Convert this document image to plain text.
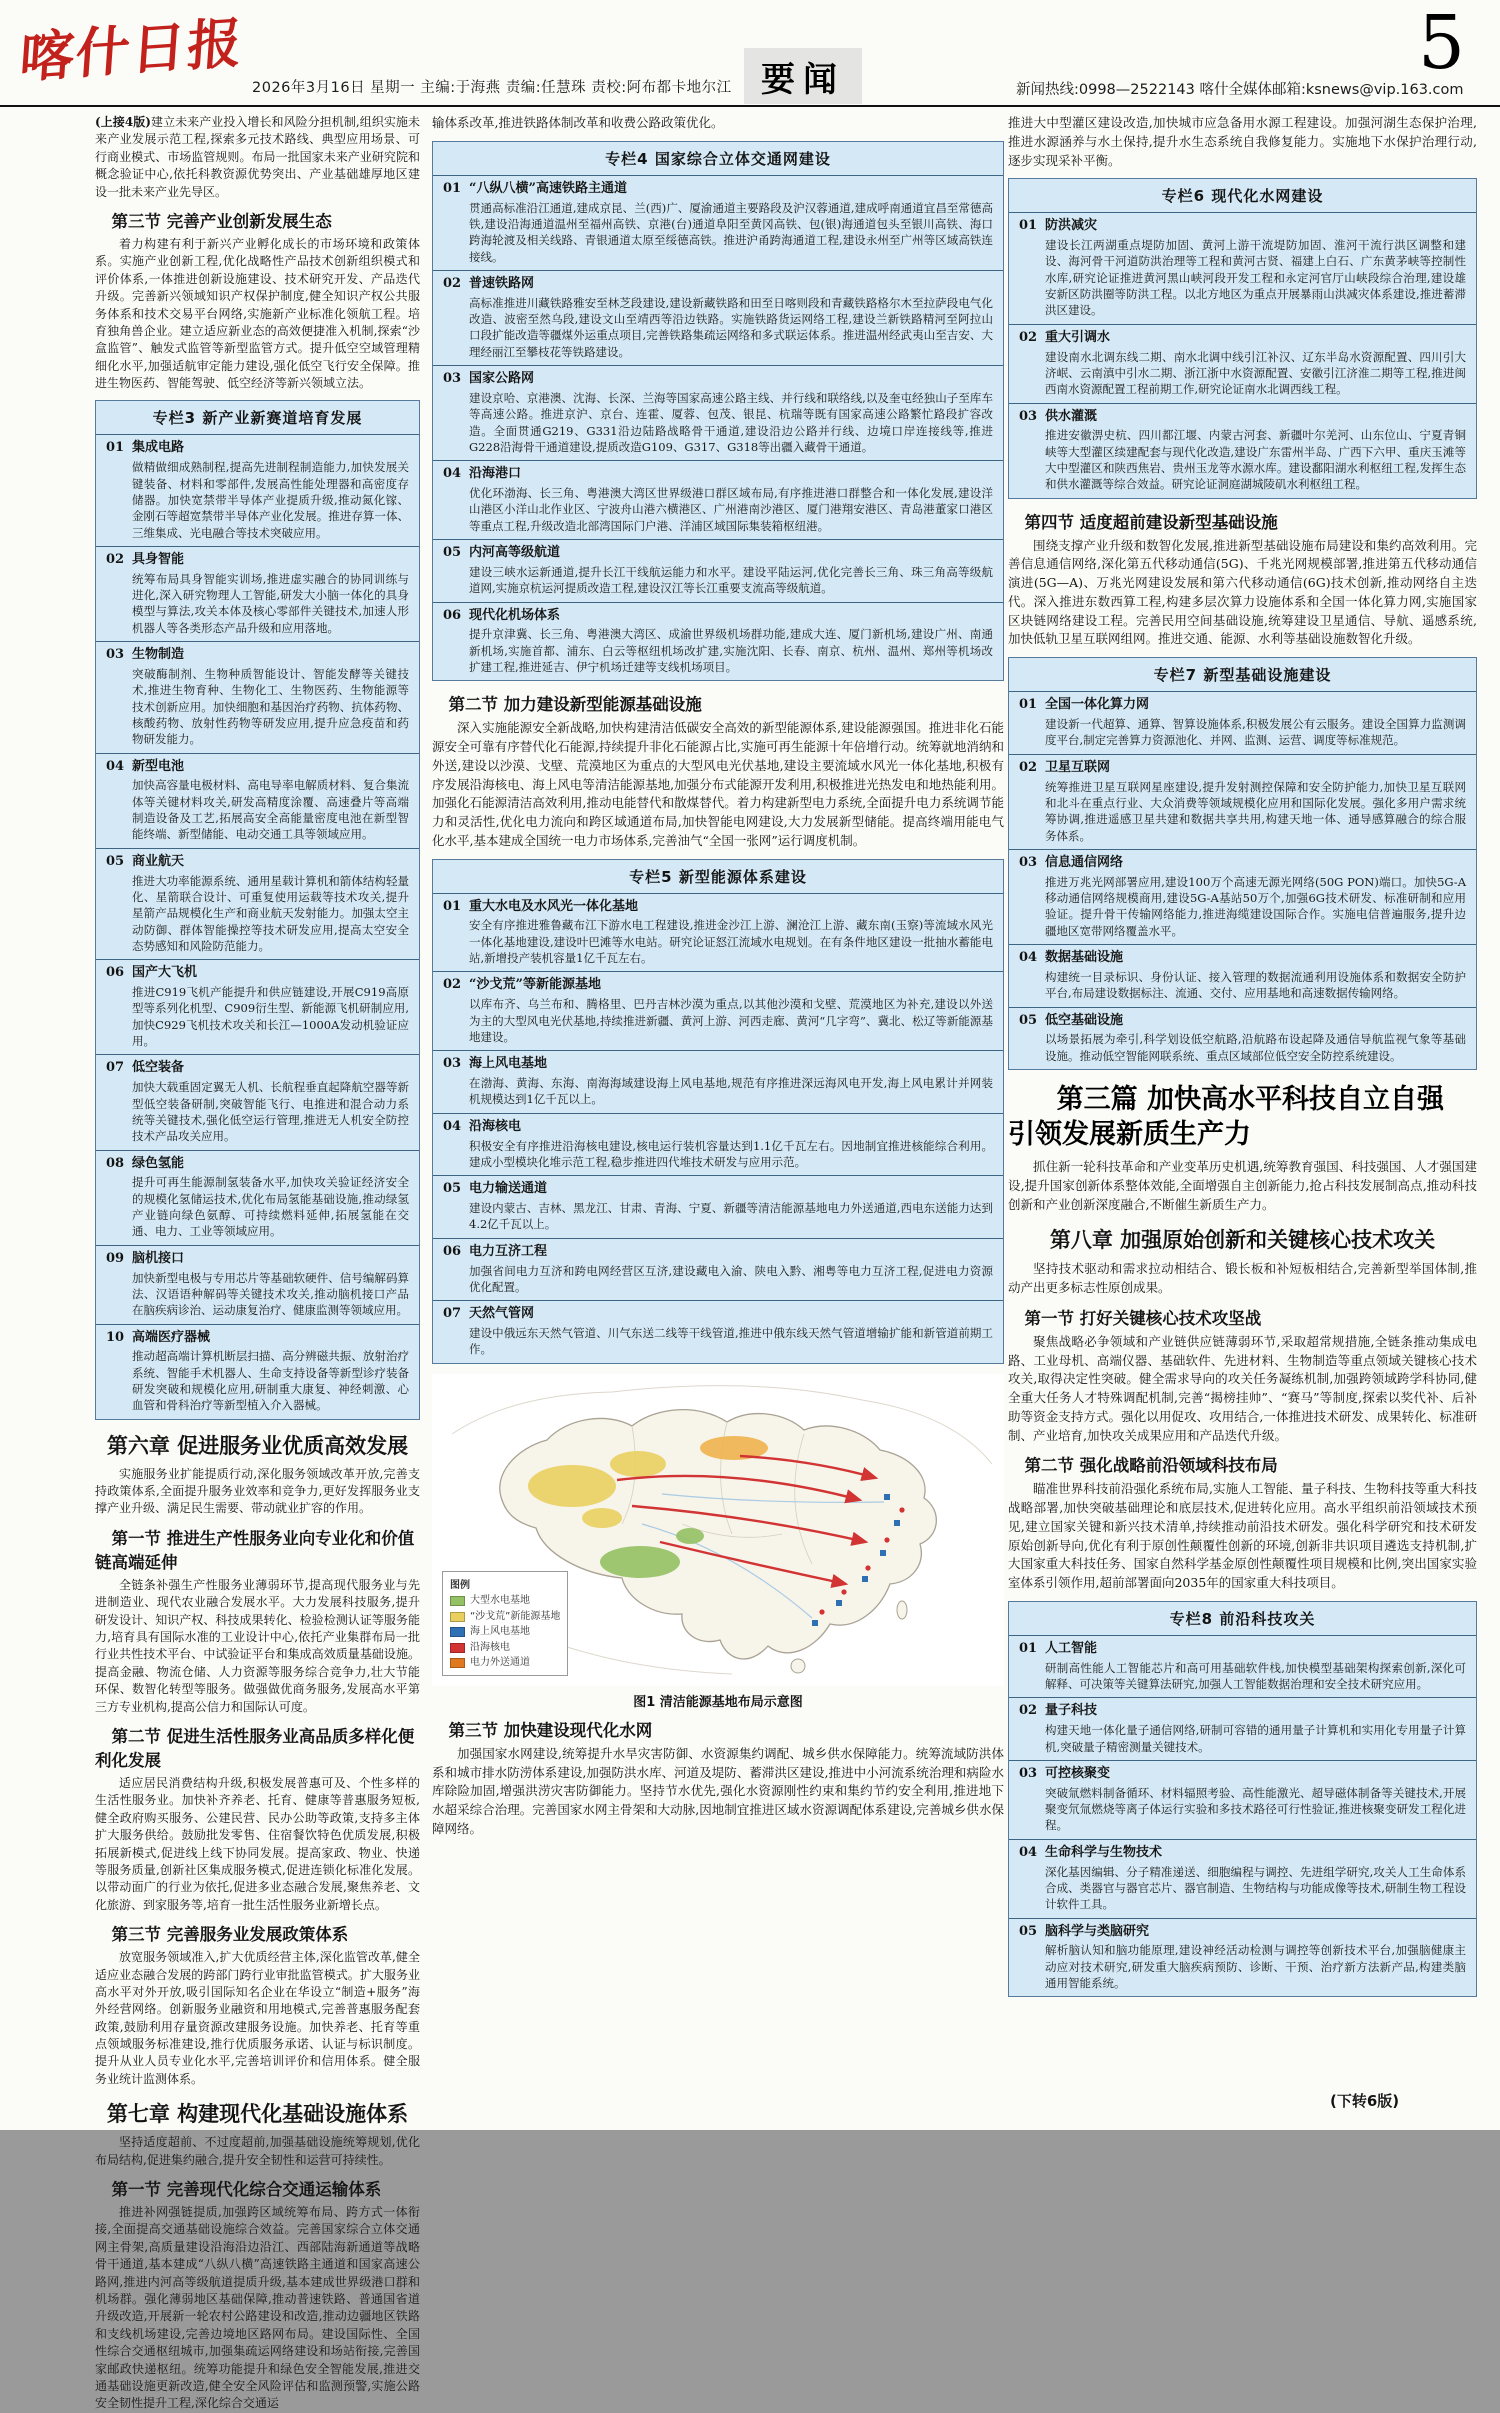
喀什日报 2026年3月16日 星期一 主编:于海燕 责编:任慧珠 责校:阿布都卡地尔江 要闻	新闻热线:0998—2522143 喀什全媒体邮箱:ksnews@vip.163.com
5

(上接4版)建立未来产业投入增长和风险分担机制,组织实施未来产业发展示范工程,探索多元技术路线、典型应用场景、可行商业模式、市场监管规则。布局一批国家未来产业研究院和概念验证中心,依托科教资源优势突出、产业基础雄厚地区建设一批未来产业先导区。

第三节 完善产业创新发展生态

着力构建有利于新兴产业孵化成长的市场环境和政策体系。实施产业创新工程,优化战略性产品技术创新组织模式和评价体系,一体推进创新设施建设、技术研究开发、产品迭代升级。完善新兴领域知识产权保护制度,健全知识产权公共服务体系和技术交易平台网络,实施新产业标准化领航工程。培育独角兽企业。建立适应新业态的高效便捷准入机制,探索“沙盒监管”、触发式监管等新型监管方式。提升低空空域管理精细化水平,加强适航审定能力建设,强化低空飞行安全保障。推进生物医药、智能驾驶、低空经济等新兴领域立法。

专栏3 新产业新赛道培育发展
01 集成电路
做精做细成熟制程,提高先进制程制造能力,加快发展关键装备、材料和零部件,发展高性能处理器和高密度存储器。加快宽禁带半导体产业提质升级,推动氮化镓、金刚石等超宽禁带半导体产业化发展。推进存算一体、三维集成、光电融合等技术突破应用。
02 具身智能
统筹布局具身智能实训场,推进虚实融合的协同训练与进化,深入研究物理人工智能,研发大小脑一体化的具身模型与算法,攻关本体及核心零部件关键技术,加速人形机器人等各类形态产品升级和应用落地。
03 生物制造
突破酶制剂、生物种质智能设计、智能发酵等关键技术,推进生物育种、生物化工、生物医药、生物能源等技术创新应用。加快细胞和基因治疗药物、抗体药物、核酸药物、放射性药物等研发应用,提升应急疫苗和药物研发能力。
04 新型电池
加快高容量电极材料、高电导率电解质材料、复合集流体等关键材料攻关,研发高精度涂覆、高速叠片等高端制造设备及工艺,拓展高安全高能量密度电池在新型智能终端、新型储能、电动交通工具等领域应用。
05 商业航天
推进大功率能源系统、通用星载计算机和箭体结构轻量化、星箭联合设计、可重复使用运载等技术攻关,提升星箭产品规模化生产和商业航天发射能力。加强太空主动防御、群体智能操控等技术研发应用,提高太空安全态势感知和风险防范能力。
06 国产大飞机
推进C919飞机产能提升和供应链建设,开展C919高原型等系列化机型、C909衍生型、新能源飞机研制应用,加快C929飞机技术攻关和长江—1000A发动机验证应用。
07 低空装备
加快大载重固定翼无人机、长航程垂直起降航空器等新型低空装备研制,突破智能飞行、电推进和混合动力系统等关键技术,强化低空运行管理,推进无人机安全防控技术产品攻关应用。
08 绿色氢能
提升可再生能源制氢装备水平,加快攻关验证经济安全的规模化氢储运技术,优化布局氢能基础设施,推动绿氢产业链向绿色氨醇、可持续燃料延伸,拓展氢能在交通、电力、工业等领域应用。
09 脑机接口
加快新型电极与专用芯片等基础软硬件、信号编解码算法、汉语语种解码等关键技术攻关,推动脑机接口产品在脑疾病诊治、运动康复治疗、健康监测等领域应用。
10 高端医疗器械
推动超高端计算机断层扫描、高分辨磁共振、放射治疗系统、智能手术机器人、生命支持设备等新型诊疗装备研发突破和规模化应用,研制重大康复、神经刺激、心血管和骨科治疗等新型植入介入器械。
第六章 促进服务业优质高效发展

实施服务业扩能提质行动,深化服务领域改革开放,完善支持政策体系,全面提升服务业效率和竞争力,更好发挥服务业支撑产业升级、满足民生需要、带动就业扩容的作用。

第一节 推进生产性服务业向专业化和价值链高端延伸

全链条补强生产性服务业薄弱环节,提高现代服务业与先进制造业、现代农业融合发展水平。大力发展科技服务,提升研发设计、知识产权、科技成果转化、检验检测认证等服务能力,培育具有国际水准的工业设计中心,依托产业集群布局一批行业共性技术平台、中试验证平台和集成高效质量基础设施。提高金融、物流仓储、人力资源等服务综合竞争力,壮大节能环保、数智化转型等服务。做强做优商务服务,发展高水平第三方专业机构,提高公信力和国际认可度。

第二节 促进生活性服务业高品质多样化便利化发展

适应居民消费结构升级,积极发展普惠可及、个性多样的生活性服务业。加快补齐养老、托育、健康等普惠服务短板,健全政府购买服务、公建民营、民办公助等政策,支持多主体扩大服务供给。鼓励批发零售、住宿餐饮特色优质发展,积极拓展新模式,促进线上线下协同发展。提高家政、物业、快递等服务质量,创新社区集成服务模式,促进连锁化标准化发展。以带动面广的行业为依托,促进多业态融合发展,聚焦养老、文化旅游、到家服务等,培育一批生活性服务业新增长点。

第三节 完善服务业发展政策体系

放宽服务领域准入,扩大优质经营主体,深化监管改革,健全适应业态融合发展的跨部门跨行业审批监管模式。扩大服务业高水平对外开放,吸引国际知名企业在华设立“制造+服务”海外经营网络。创新服务业融资和用地模式,完善普惠服务配套政策,鼓励利用存量资源改建服务设施。加快养老、托育等重点领域服务标准建设,推行优质服务承诺、认证与标识制度。提升从业人员专业化水平,完善培训评价和信用体系。健全服务业统计监测体系。

第七章 构建现代化基础设施体系

坚持适度超前、不过度超前,加强基础设施统筹规划,优化布局结构,促进集约融合,提升安全韧性和运营可持续性。

第一节 完善现代化综合交通运输体系

推进补网强链提质,加强跨区域统筹布局、跨方式一体衔接,全面提高交通基础设施综合效益。完善国家综合立体交通网主骨架,高质量建设沿海沿边沿江、西部陆海新通道等战略骨干通道,基本建成“八纵八横”高速铁路主通道和国家高速公路网,推进内河高等级航道提质升级,基本建成世界级港口群和机场群。强化薄弱地区基础保障,推动普速铁路、普通国省道升级改造,开展新一轮农村公路建设和改造,推动边疆地区铁路和支线机场建设,完善边境地区路网布局。建设国际性、全国性综合交通枢纽城市,加强集疏运网络建设和场站衔接,完善国家邮政快递枢纽。统筹功能提升和绿色安全智能发展,推进交通基础设施更新改造,健全安全风险评估和监测预警,实施公路安全韧性提升工程,深化综合交通运

输体系改革,推进铁路体制改革和收费公路政策优化。

专栏4 国家综合立体交通网建设
01 “八纵八横”高速铁路主通道
贯通高标准沿江通道,建成京昆、兰(西)广、厦渝通道主要路段及沪汉蓉通道,建成呼南通道宜昌至常德高铁,建设沿海通道温州至福州高铁、京港(台)通道阜阳至黄冈高铁、包(银)海通道包头至银川高铁、海口跨海轮渡及相关线路、青银通道太原至绥德高铁。推进沪甬跨海通道工程,建设永州至广州等区域高铁连接线。
02 普速铁路网
高标准推进川藏铁路雅安至林芝段建设,建设新藏铁路和田至日喀则段和青藏铁路格尔木至拉萨段电气化改造、波密至然乌段,建设文山至靖西等沿边铁路。实施铁路货运网络工程,建设兰新铁路精河至阿拉山口段扩能改造等疆煤外运重点项目,完善铁路集疏运网络和多式联运体系。推进温州经武夷山至吉安、大理经丽江至攀枝花等铁路建设。
03 国家公路网
建设京哈、京港澳、沈海、长深、兰海等国家高速公路主线、并行线和联络线,以及奎屯经独山子至库车等高速公路。推进京沪、京台、连霍、厦蓉、包茂、银昆、杭瑞等既有国家高速公路繁忙路段扩容改造。全面贯通G219、G331沿边陆路战略骨干通道,建设沿边公路并行线、边境口岸连接线等,推进G228沿海骨干通道建设,提质改造G109、G317、G318等出疆入藏骨干通道。
04 沿海港口
优化环渤海、长三角、粤港澳大湾区世界级港口群区域布局,有序推进港口群整合和一体化发展,建设洋山港区小洋山北作业区、宁波舟山港六横港区、广州港南沙港区、厦门港翔安港区、青岛港董家口港区等重点工程,升级改造北部湾国际门户港、洋浦区域国际集装箱枢纽港。
05 内河高等级航道
建设三峡水运新通道,提升长江干线航运能力和水平。建设平陆运河,优化完善长三角、珠三角高等级航道网,实施京杭运河提质改造工程,建设汉江等长江重要支流高等级航道。
06 现代化机场体系
提升京津冀、长三角、粤港澳大湾区、成渝世界级机场群功能,建成大连、厦门新机场,建设广州、南通新机场,实施首都、浦东、白云等枢纽机场改扩建,实施沈阳、长春、南京、杭州、温州、郑州等机场改扩建工程,推进延吉、伊宁机场迁建等支线机场项目。
第二节 加力建设新型能源基础设施

深入实施能源安全新战略,加快构建清洁低碳安全高效的新型能源体系,建设能源强国。推进非化石能源安全可靠有序替代化石能源,持续提升非化石能源占比,实施可再生能源十年倍增行动。统筹就地消纳和外送,建设以沙漠、戈壁、荒漠地区为重点的大型风电光伏基地,建设主要流域水风光一体化基地,积极有序发展沿海核电、海上风电等清洁能源基地,加强分布式能源开发利用,积极推进光热发电和地热能利用。加强化石能源清洁高效利用,推动电能替代和散煤替代。着力构建新型电力系统,全面提升电力系统调节能力和灵活性,优化电力流向和跨区域通道布局,加快智能电网建设,大力发展新型储能。提高终端用能电气化水平,基本建成全国统一电力市场体系,完善油气“全国一张网”运行调度机制。

专栏5 新型能源体系建设
01 重大水电及水风光一体化基地
安全有序推进雅鲁藏布江下游水电工程建设,推进金沙江上游、澜沧江上游、藏东南(玉察)等流域水风光一体化基地建设,建设叶巴滩等水电站。研究论证怒江流域水电规划。在有条件地区建设一批抽水蓄能电站,新增投产装机容量1亿千瓦左右。
02 “沙戈荒”等新能源基地
以库布齐、乌兰布和、腾格里、巴丹吉林沙漠为重点,以其他沙漠和戈壁、荒漠地区为补充,建设以外送为主的大型风电光伏基地,持续推进新疆、黄河上游、河西走廊、黄河“几字弯”、冀北、松辽等新能源基地建设。
03 海上风电基地
在渤海、黄海、东海、南海海域建设海上风电基地,规范有序推进深远海风电开发,海上风电累计并网装机规模达到1亿千瓦以上。
04 沿海核电
积极安全有序推进沿海核电建设,核电运行装机容量达到1.1亿千瓦左右。因地制宜推进核能综合利用。建成小型模块化堆示范工程,稳步推进四代堆技术研发与应用示范。
05 电力输送通道
建设内蒙古、吉林、黑龙江、甘肃、青海、宁夏、新疆等清洁能源基地电力外送通道,西电东送能力达到4.2亿千瓦以上。
06 电力互济工程
加强省间电力互济和跨电网经营区互济,建设藏电入渝、陕电入黔、湘粤等电力互济工程,促进电力资源优化配置。
07 天然气管网
建设中俄远东天然气管道、川气东送二线等干线管道,推进中俄东线天然气管道增输扩能和新管道前期工作。
图例
大型水电基地
“沙戈荒”新能源基地
海上风电基地
沿海核电
电力外送通道
图1 清洁能源基地布局示意图
第三节 加快建设现代化水网

加强国家水网建设,统筹提升水旱灾害防御、水资源集约调配、城乡供水保障能力。统筹流域防洪体系和城市排水防涝体系建设,加强防洪水库、河道及堤防、蓄滞洪区建设,推进中小河流系统治理和病险水库除险加固,增强洪涝灾害防御能力。坚持节水优先,强化水资源刚性约束和集约节约安全利用,推进地下水超采综合治理。完善国家水网主骨架和大动脉,因地制宜推进区域水资源调配体系建设,完善城乡供水保障网络。

推进大中型灌区建设改造,加快城市应急备用水源工程建设。加强河湖生态保护治理,推进水源涵养与水土保持,提升水生态系统自我修复能力。实施地下水保护治理行动,逐步实现采补平衡。

专栏6 现代化水网建设
01 防洪减灾
建设长江两湖重点堤防加固、黄河上游干流堤防加固、淮河干流行洪区调整和建设、海河骨干河道防洪治理等工程和黄河古贤、福建上白石、广东黄茅峡等控制性水库,研究论证推进黄河黑山峡河段开发工程和永定河官厅山峡段综合治理,建设雄安新区防洪圈等防洪工程。以北方地区为重点开展暴雨山洪减灾体系建设,推进蓄滞洪区建设。
02 重大引调水
建设南水北调东线二期、南水北调中线引江补汉、辽东半岛水资源配置、四川引大济岷、云南滇中引水二期、浙江浙中水资源配置、安徽引江济淮二期等工程,推进闽西南水资源配置工程前期工作,研究论证南水北调西线工程。
03 供水灌溉
推进安徽淠史杭、四川都江堰、内蒙古河套、新疆叶尔羌河、山东位山、宁夏青铜峡等大型灌区续建配套与现代化改造,建设广东雷州半岛、广西下六甲、重庆玉滩等大中型灌区和陕西焦岩、贵州玉龙等水源水库。建设鄱阳湖水利枢纽工程,发挥生态和供水灌溉等综合效益。研究论证洞庭湖城陵矶水利枢纽工程。
第四节 适度超前建设新型基础设施

围绕支撑产业升级和数智化发展,推进新型基础设施布局建设和集约高效利用。完善信息通信网络,深化第五代移动通信(5G)、千兆光网规模部署,推进第五代移动通信演进(5G—A)、万兆光网建设发展和第六代移动通信(6G)技术创新,推动网络自主迭代。深入推进东数西算工程,构建多层次算力设施体系和全国一体化算力网,实施国家区块链网络建设工程。完善民用空间基础设施,统筹建设卫星通信、导航、遥感系统,加快低轨卫星互联网组网。推进交通、能源、水利等基础设施数智化升级。

专栏7 新型基础设施建设
01 全国一体化算力网
建设新一代超算、通算、智算设施体系,积极发展公有云服务。建设全国算力监测调度平台,制定完善算力资源池化、并网、监测、运营、调度等标准规范。
02 卫星互联网
统筹推进卫星互联网星座建设,提升发射测控保障和安全防护能力,加快卫星互联网和北斗在重点行业、大众消费等领域规模化应用和国际化发展。强化多用户需求统筹协调,推进遥感卫星共建和数据共享共用,构建天地一体、通导感算融合的综合服务体系。
03 信息通信网络
推进万兆光网部署应用,建设100万个高速无源光网络(50G PON)端口。加快5G-A移动通信网络规模商用,建设5G-A基站50万个,加强6G技术研发、标准研制和应用验证。提升骨干传输网络能力,推进海缆建设国际合作。实施电信普遍服务,提升边疆地区宽带网络覆盖水平。
04 数据基础设施
构建统一目录标识、身份认证、接入管理的数据流通利用设施体系和数据安全防护平台,布局建设数据标注、流通、交付、应用基地和高速数据传输网络。
05 低空基础设施
以场景拓展为牵引,科学划设低空航路,沿航路布设起降及通信导航监视气象等基础设施。推动低空智能网联系统、重点区域部位低空安全防控系统建设。
第三篇 加快高水平科技自立自强 引领发展新质生产力

抓住新一轮科技革命和产业变革历史机遇,统筹教育强国、科技强国、人才强国建设,提升国家创新体系整体效能,全面增强自主创新能力,抢占科技发展制高点,推动科技创新和产业创新深度融合,不断催生新质生产力。

第八章 加强原始创新和关键核心技术攻关

坚持技术驱动和需求拉动相结合、锻长板和补短板相结合,完善新型举国体制,推动产出更多标志性原创成果。

第一节 打好关键核心技术攻坚战

聚焦战略必争领域和产业链供应链薄弱环节,采取超常规措施,全链条推动集成电路、工业母机、高端仪器、基础软件、先进材料、生物制造等重点领域关键核心技术攻关,取得决定性突破。健全需求导向的攻关任务凝练机制,加强跨领域跨学科协同,健全重大任务人才特殊调配机制,完善“揭榜挂帅”、“赛马”等制度,探索以奖代补、后补助等资金支持方式。强化以用促攻、攻用结合,一体推进技术研发、成果转化、标准研制、产业培育,加快攻关成果应用和产品迭代升级。

第二节 强化战略前沿领域科技布局

瞄准世界科技前沿强化系统布局,实施人工智能、量子科技、生物科技等重大科技战略部署,加快突破基础理论和底层技术,促进转化应用。高水平组织前沿领域技术预见,建立国家关键和新兴技术清单,持续推动前沿技术研发。强化科学研究和技术研发原始创新导向,优化有利于原创性颠覆性创新的环境,创新非共识项目遴选支持机制,扩大国家重大科技任务、国家自然科学基金原创性颠覆性项目规模和比例,突出国家实验室体系引领作用,超前部署面向2035年的国家重大科技项目。

专栏8 前沿科技攻关
01 人工智能
研制高性能人工智能芯片和高可用基础软件栈,加快模型基础架构探索创新,深化可解释、可决策等关键算法研究,加强人工智能数据治理和安全技术研究应用。
02 量子科技
构建天地一体化量子通信网络,研制可容错的通用量子计算机和实用化专用量子计算机,突破量子精密测量关键技术。
03 可控核聚变
突破氚燃料制备循环、材料辐照考验、高性能激光、超导磁体制备等关键技术,开展聚变氘氚燃烧等离子体运行实验和多技术路径可行性验证,推进核聚变研发工程化进程。
04 生命科学与生物技术
深化基因编辑、分子精准递送、细胞编程与调控、先进组学研究,攻关人工生命体系合成、类器官与器官芯片、器官制造、生物结构与功能成像等技术,研制生物工程设计软件工具。
05 脑科学与类脑研究
解析脑认知和脑功能原理,建设神经活动检测与调控等创新技术平台,加强脑健康主动应对技术研究,研发重大脑疾病预防、诊断、干预、治疗新方法新产品,构建类脑通用智能系统。
(下转6版)
